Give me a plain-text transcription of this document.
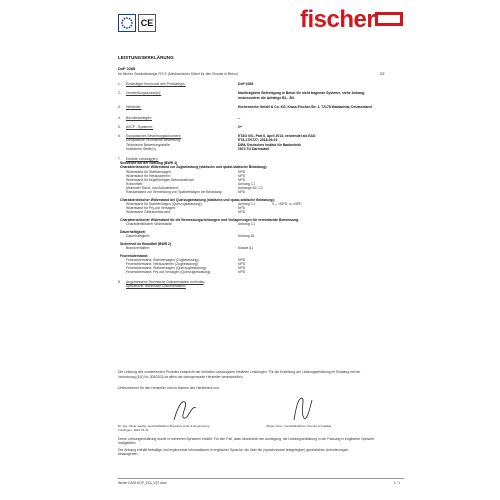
CE	fischer
LEISTUNGSERKLÄRUNG
DoP 0288
für fischer Gewindestange FIS E (Mechanischer Dübel für den Einsatz in Beton)	DE
Die Leistung des vorstehenden Produkts entspricht der erklärten Leistung/den erklärten Leistungen. Für die Erstellung der Leistungserklärung im Einklang mit der
Verordnung (EU) Nr. 305/2011 ist allein der obengenannte Hersteller verantwortlich.
Unterzeichnet für den Hersteller und im Namen des Herstellers von:
Dr.-Ing. Oliver Geibig, Geschäftsführer Business Units & Engineering
Tumlingen, 2021-01-11
Jürgen Grün, Geschäftsführer Chemie & Qualität
Diese Leistungserklärung wurde in mehreren Sprachen erstellt. Für den Fall, dass hinsichtlich der Auslegung, die Leistungserklärung in der Fassung in englischer Sprache
maßgeblich.
Der Anhang enthält freiwillige und ergänzende Informationen in englischer Sprache, die über die (sprachneutral festgelegten) gesetzlichen Anforderungen
hinausgehen.
fischer DATA DOP_ECs_V37.xlsm	1 / 1
1. Eindeutiger Kenncode des Produkttyps:	DoP 0288
2. Verwendungszweck(e):	Nachträgliche Befestigung in Beton für nicht tragende Systeme, siehe Anhang,
insbesondere die Anhänge B1 - B3.
3. Hersteller:	fischerwerke GmbH & Co. KG, Klaus-Fischer-Str. 1, 72178 Waldachtal, Deutschland
4. Bevollmächtigter:	--
5. AVCP - System/e:	2+
6. Europäisches Bewertungsdokument:	ETAG 001, Part 6, April 2013, verwendet als EAD
Europäische Technische Bewertung:	ETA-17/0727; 2018-09-03
Technische Bewertungsstelle:	DIBt- Deutsches Institut für Bautechnik
Notifizierte Stelle(n):	2873 TU Darmstadt
7. Erklärte Leistung(en):
Sicherheit bei der Nutzung (BWR 4)
Charakteristischer Widerstand zur Zugbelastung (statische und quasi-statische Belastung):
Widerstand für Stahlversagen:	NPD
Widerstand für Herausziehen:	NPD
Widerstand für kegelförmigen Betonausbruch:	NPD
Robustheit:	Anhang C1
Minimaler Rand- und Achsabstand:	Anhänge B2, C1
Randabstand zur Vermeidung von Spaltversagen bei Belastung:	NPD
Charakteristischer Widerstand bei Querzugbelastung (statische und quasi-statische Belastung):
Widerstand für Stahlversagen (Querzugbelastung):	Anhang C1	V₀₀ =NPD, n₀=NPD
Widerstand für Pry-out Versagen:	NPD
Widerstand Gebrauchsbrucht:	NPD
Charakteristischer Widerstand für die Bemessungsrichtungen und Verlagerungen für vereinfachte Bemessung:
Charakteristischer Widerstand:	Anhang C1
Dauerhaftigkeit:
Dauerhaftigkeit:	Anhang B1
Sicherheit im Brandfall (BWR 2)
Brandverhalten:	Klasse A1
Feuerwiderstand:
Feuerwiderstand: Stahlversagen (Zugbelastung):	NPD
Feuerwiderstand: Herausziehen (Zugbelastung):	NPD
Feuerwiderstand: Stahlversagen (Querzugbelastung):	NPD
Feuerwiderstand: Pry-out Versagen (Querzugbelastung):	NPD
8. Angemessene Technische Dokumentation und/oder --
Spezifische Technische Dokumentation:
